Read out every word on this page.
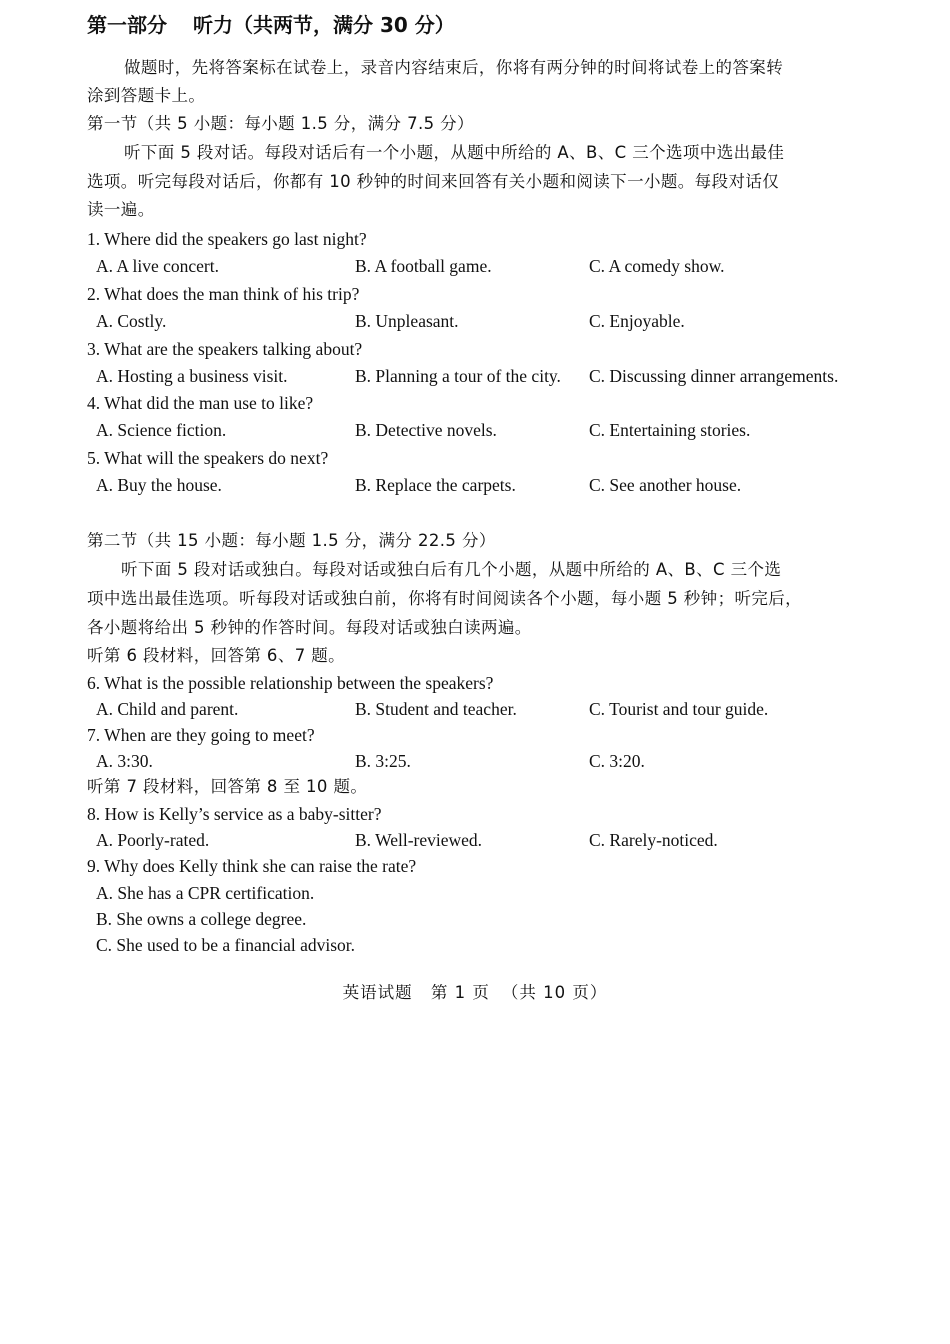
第一部分 听力（共两节，满分 30 分）
做题时，先将答案标在试卷上，录音内容结束后，你将有两分钟的时间将试卷上的答案转
涂到答题卡上。
第一节（共 5 小题：每小题 1.5 分，满分 7.5 分）
听下面 5 段对话。每段对话后有一个小题，从题中所给的 A、B、C 三个选项中选出最佳
选项。听完每段对话后，你都有 10 秒钟的时间来回答有关小题和阅读下一小题。每段对话仅
读一遍。
1. Where did the speakers go last night?
A. A live concert.	B. A football game.	C. A comedy show.
2. What does the man think of his trip?
A. Costly.	B. Unpleasant.	C. Enjoyable.
3. What are the speakers talking about?
A. Hosting a business visit.	B. Planning a tour of the city. C. Discussing dinner arrangements.
4. What did the man use to like?
A. Science fiction.	B. Detective novels.	C. Entertaining stories.
5. What will the speakers do next?
A. Buy the house.	B. Replace the carpets.	C. See another house.
第二节（共 15 小题：每小题 1.5 分，满分 22.5 分）
听下面 5 段对话或独白。每段对话或独白后有几个小题，从题中所给的 A、B、C 三个选
项中选出最佳选项。听每段对话或独白前，你将有时间阅读各个小题，每小题 5 秒钟；听完后，
各小题将给出 5 秒钟的作答时间。每段对话或独白读两遍。
听第 6 段材料，回答第 6、7 题。
6. What is the possible relationship between the speakers?
A. Child and parent.	B. Student and teacher.	C. Tourist and tour guide.
7. When are they going to meet?
A. 3:30.	B. 3:25.	C. 3:20.
听第 7 段材料，回答第 8 至 10 题。
8. How is Kelly’s service as a baby-sitter?
A. Poorly-rated.	B. Well-reviewed.	C. Rarely-noticed.
9. Why does Kelly think she can raise the rate?
A. She has a CPR certification.
B. She owns a college degree.
C. She used to be a financial advisor.
英语试题 第 1 页 （共 10 页）
